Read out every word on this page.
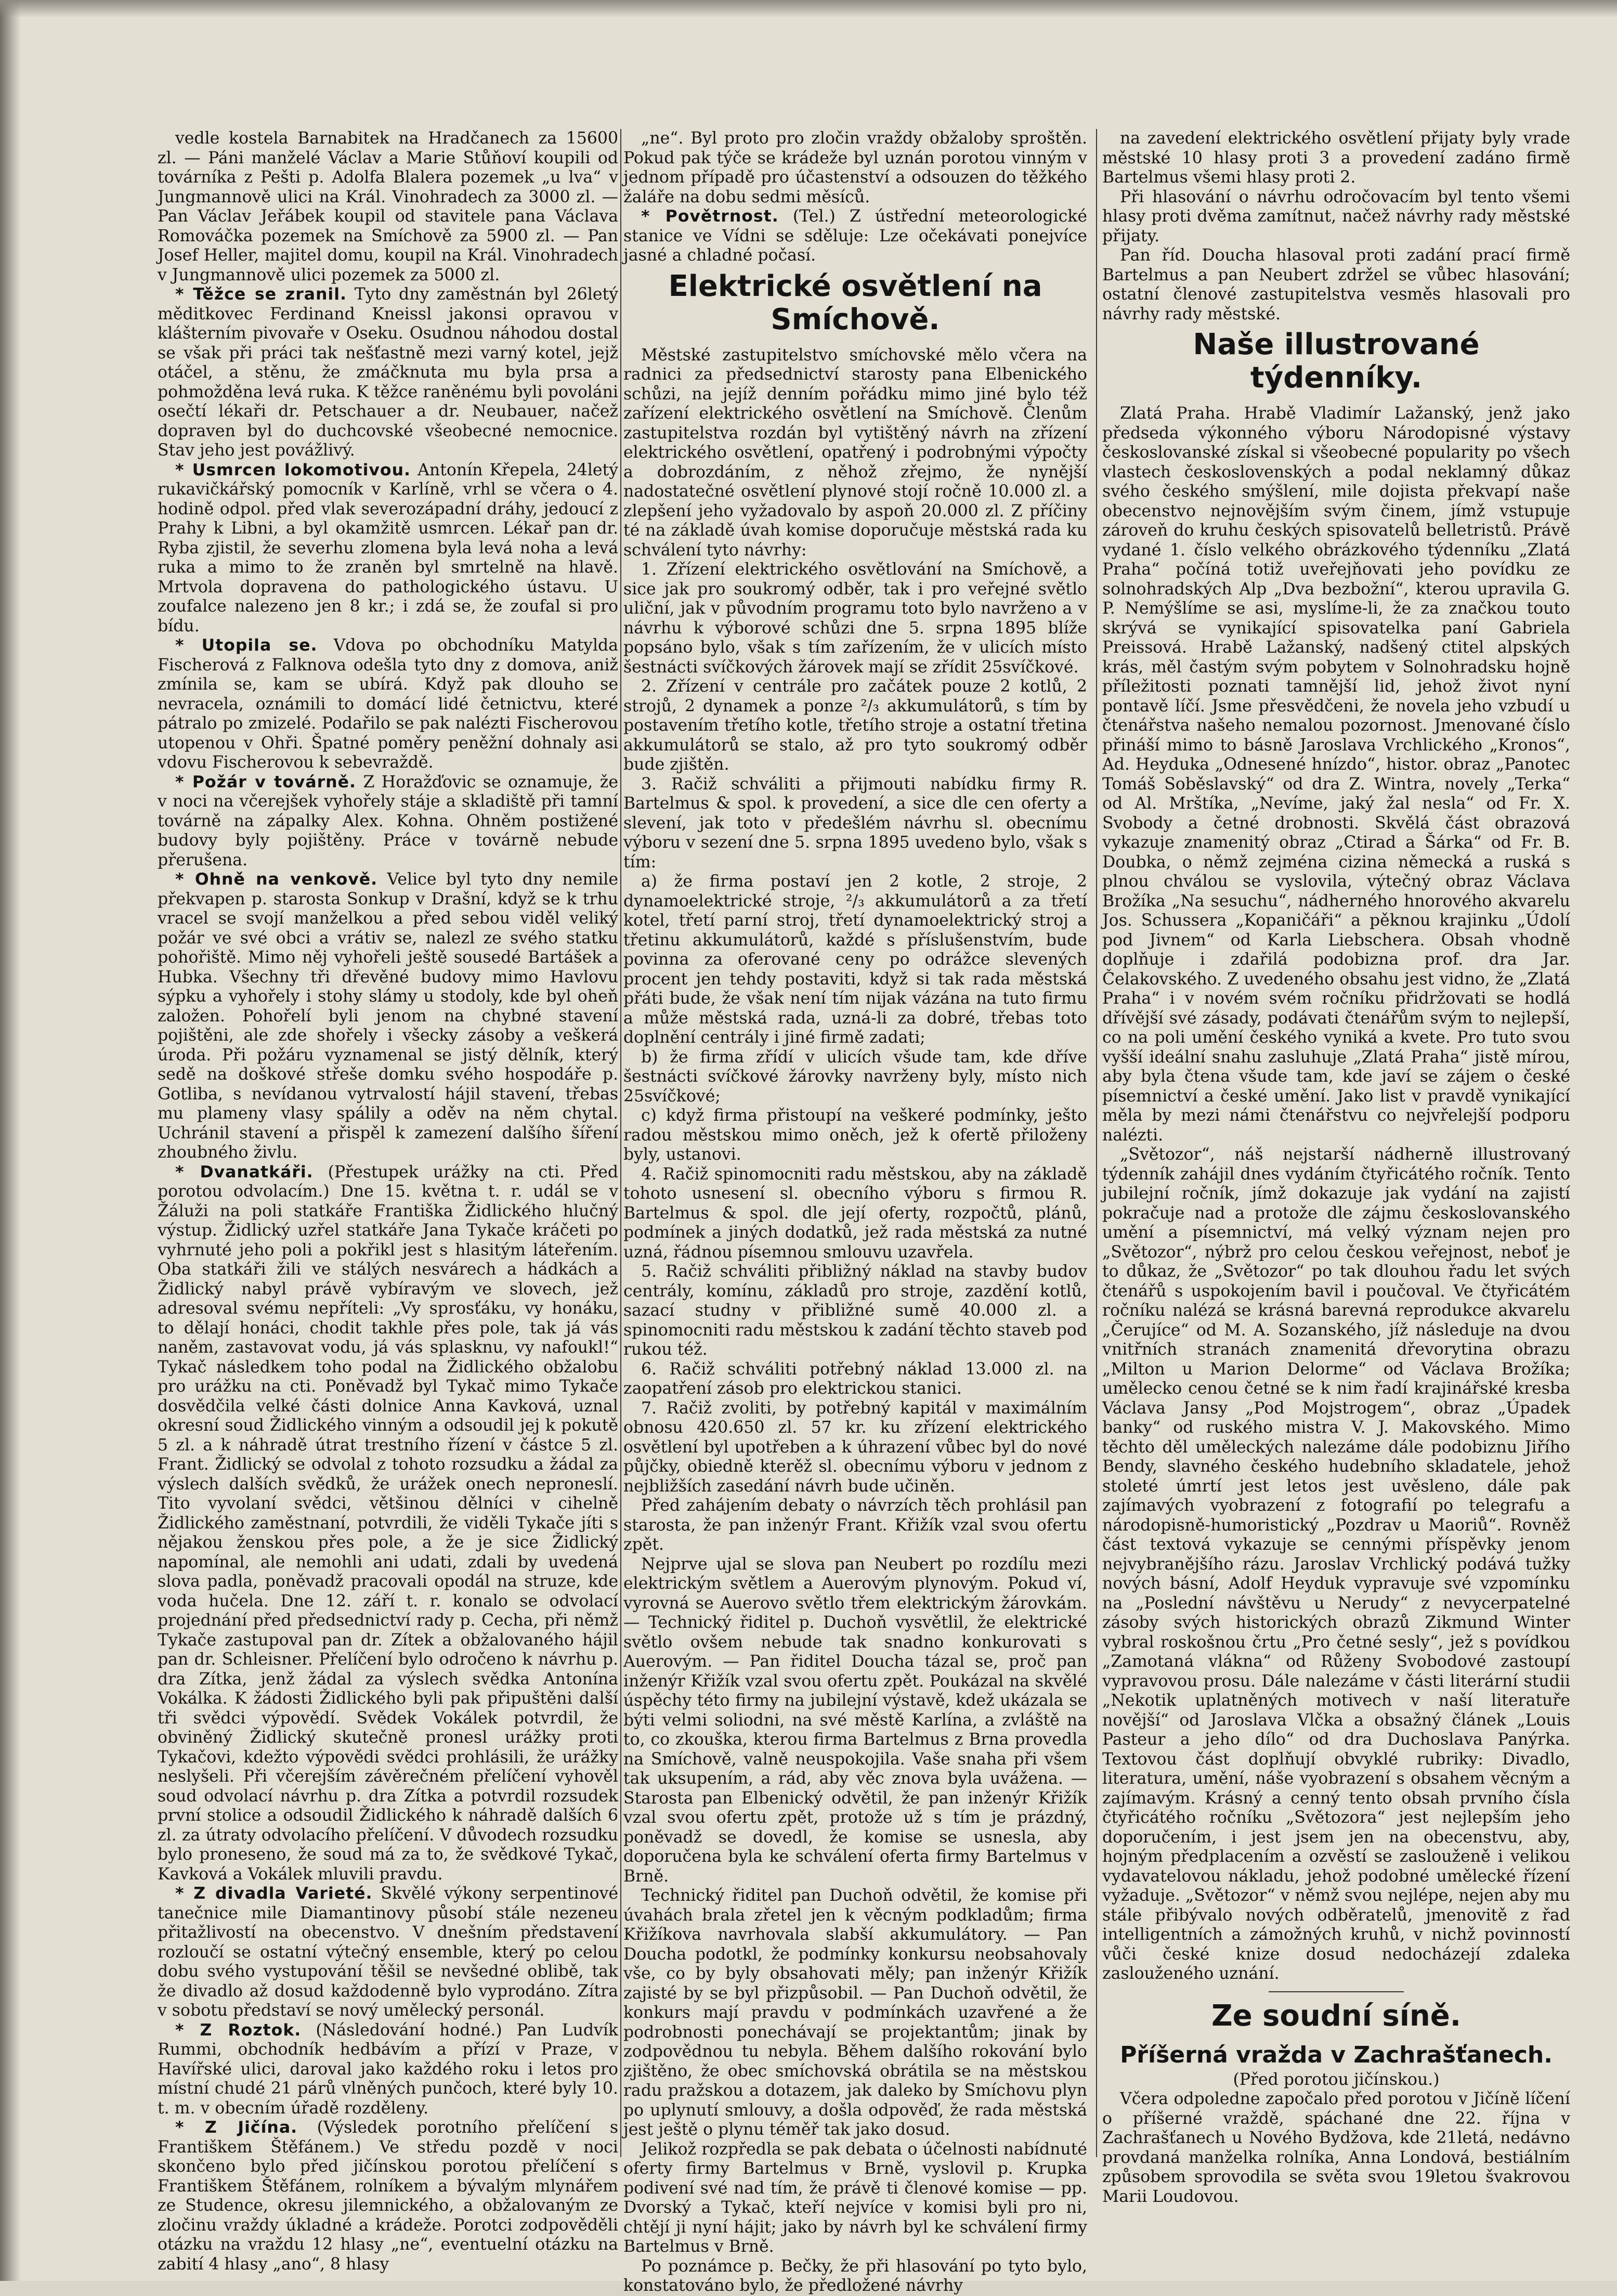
vedle kostela Barnabitek na Hradčanech za 15600 zl. — Páni manželé Václav a Marie Stůňoví koupili od továrníka z Pešti p. Adolfa Blalera pozemek „u lva“ v Jungmannově ulici na Král. Vinohradech za 3000 zl. — Pan Václav Jeřábek koupil od stavitele pana Václava Romováčka pozemek na Smíchově za 5900 zl. — Pan Josef Heller, majitel domu, koupil na Král. Vinohradech v Jungmannově ulici pozemek za 5000 zl.

* Těžce se zranil. Tyto dny zaměstnán byl 26letý měditkovec Ferdinand Kneissl jakonsi opravou v klášterním pivovaře v Oseku. Osudnou náhodou dostal se však při práci tak nešťastně mezi varný kotel, jejž otáčel, a stěnu, že zmáčknuta mu byla prsa a pohmožděna levá ruka. K těžce raněnému byli povoláni osečtí lékaři dr. Petschauer a dr. Neubauer, načež dopraven byl do duchcovské všeobecné nemocnice. Stav jeho jest povážlivý.

* Usmrcen lokomotivou. Antonín Křepela, 24letý rukavičkářský pomocník v Karlíně, vrhl se včera o 4. hodině odpol. před vlak severozápadní dráhy, jedoucí z Prahy k Libni, a byl okamžitě usmrcen. Lékař pan dr. Ryba zjistil, že severhu zlomena byla levá noha a levá ruka a mimo to že zraněn byl smrtelně na hlavě. Mrtvola dopravena do pathologického ústavu. U zoufalce nalezeno jen 8 kr.; i zdá se, že zoufal si pro bídu.

* Utopila se. Vdova po obchodníku Matylda Fischerová z Falknova odešla tyto dny z domova, aniž zmínila se, kam se ubírá. Když pak dlouho se nevracela, oznámili to domácí lidé četnictvu, které pátralo po zmizelé. Podařilo se pak nalézti Fischerovou utopenou v Ohři. Špatné poměry peněžní dohnaly asi vdovu Fischerovou k sebevraždě.

* Požár v továrně. Z Horažďovic se oznamuje, že v noci na včerejšek vyhořely stáje a skladiště při tamní továrně na zápalky Alex. Kohna. Ohněm postižené budovy byly pojištěny. Práce v továrně nebude přerušena.

* Ohně na venkově. Velice byl tyto dny nemile překvapen p. starosta Sonkup v Drašní, když se k trhu vracel se svojí manželkou a před sebou viděl veliký požár ve své obci a vrátiv se, nalezl ze svého statku pohořiště. Mimo něj vyhořeli ještě sousedé Bartášek a Hubka. Všechny tři dřevěné budovy mimo Havlovu sýpku a vyhořely i stohy slámy u stodoly, kde byl oheň založen. Pohořelí byli jenom na chybné stavení pojištěni, ale zde shořely i všecky zásoby a veškerá úroda. Při požáru vyznamenal se jistý dělník, který sedě na doškové střeše domku svého hospodáře p. Gotliba, s nevídanou vytrvalostí hájil stavení, třebas mu plameny vlasy spálily a oděv na něm chytal. Uchránil stavení a přispěl k zamezení dalšího šíření zhoubného živlu.

* Dvanatkáři. (Přestupek urážky na cti. Před porotou odvolacím.) Dne 15. května t. r. udál se v Žáluži na poli statkáře Františka Židlického hlučný výstup. Židlický uzřel statkáře Jana Tykače kráčeti po vyhrnuté jeho poli a pokřikl jest s hlasitým láteřením. Oba statkáři žili ve stálých nesvárech a hádkách a Židlický nabyl právě vybíravým ve slovech, jež adresoval svému nepříteli: „Vy sprosťáku, vy honáku, to dělají honáci, chodit takhle přes pole, tak já vás naněm, zastavovat vodu, já vás splasknu, vy nafoukl!“ Tykač následkem toho podal na Židlického obžalobu pro urážku na cti. Poněvadž byl Tykač mimo Tykače dosvědčila velké části dolnice Anna Kavková, uznal okresní soud Židlického vinným a odsoudil jej k pokutě 5 zl. a k náhradě útrat trestního řízení v částce 5 zl. Frant. Židlický se odvolal z tohoto rozsudku a žádal za výslech dalších svědků, že urážek onech neproneslí. Tito vyvolaní svědci, většinou dělníci v cihelně Židlického zaměstnaní, potvrdili, že viděli Tykače jíti s nějakou ženskou přes pole, a že je sice Židlický napomínal, ale nemohli ani udati, zdali by uvedená slova padla, poněvadž pracovali opodál na struze, kde voda hučela. Dne 12. září t. r. konalo se odvolací projednání před předsednictví rady p. Cecha, při němž Tykače zastupoval pan dr. Zítek a obžalovaného hájil pan dr. Schleisner. Přelíčení bylo odročeno k návrhu p. dra Zítka, jenž žádal za výslech svědka Antonína Vokálka. K žádosti Židlického byli pak připuštěni další tři svědci výpovědí. Svědek Vokálek potvrdil, že obviněný Židlický skutečně pronesl urážky proti Tykačovi, kdežto výpovědi svědci prohlásili, že urážky neslyšeli. Při včerejším závěrečném přelíčení vyhověl soud odvolací návrhu p. dra Zítka a potvrdil rozsudek první stolice a odsoudil Židlického k náhradě dalších 6 zl. za útraty odvolacího přelíčení. V důvodech rozsudku bylo proneseno, že soud má za to, že svědkové Tykač, Kavková a Vokálek mluvili pravdu.

* Z divadla Varieté. Skvělé výkony serpentinové tanečnice mile Diamantinovy působí stále nezeneu přitažlivostí na obecenstvo. V dnešním představení rozloučí se ostatní výtečný ensemble, který po celou dobu svého vystupování těšil se nevšedné oblibě, tak že divadlo až dosud každodenně bylo vyprodáno. Zítra v sobotu představí se nový umělecký personál.

* Z Roztok. (Následování hodné.) Pan Ludvík Rummi, obchodník hedbávím a přízí v Praze, v Havířské ulici, daroval jako každého roku i letos pro místní chudé 21 párů vlněných punčoch, které byly 10. t. m. v obecním úřadě rozděleny.

* Z Jičína. (Výsledek porotního přelíčení s Františkem Štěfánem.) Ve středu pozdě v noci skončeno bylo před jičínskou porotou přelíčení s Františkem Štěfánem, rolníkem a bývalým mlynářem ze Studence, okresu jilemnického, a obžalovaným ze zločinu vraždy úkladné a krádeže. Porotci zodpověděli otázku na vraždu 12 hlasy „ne“, eventuelní otázku na zabití 4 hlasy „ano“, 8 hlasy

„ne“. Byl proto pro zločin vraždy obžaloby sproštěn. Pokud pak týče se krádeže byl uznán porotou vinným v jednom případě pro účastenství a odsouzen do těžkého žaláře na dobu sedmi měsíců.

* Povětrnost. (Tel.) Z ústřední meteorologické stanice ve Vídni se sděluje: Lze očekávati ponejvíce jasné a chladné počasí.

Elektrické osvětlení na Smíchově.

Městské zastupitelstvo smíchovské mělo včera na radnici za předsednictví starosty pana Elbenického schůzi, na jejíž denním pořádku mimo jiné bylo též zařízení elektrického osvětlení na Smíchově. Členům zastupitelstva rozdán byl vytištěný návrh na zřízení elektrického osvětlení, opatřený i podrobnými výpočty a dobrozdáním, z něhož zřejmo, že nynější nadostatečné osvětlení plynové stojí ročně 10.000 zl. a zlepšení jeho vyžadovalo by aspoň 20.000 zl. Z příčiny té na základě úvah komise doporučuje městská rada ku schválení tyto návrhy:

1. Zřízení elektrického osvětlování na Smíchově, a sice jak pro soukromý odběr, tak i pro veřejné světlo uliční, jak v původním programu toto bylo navrženo a v návrhu k výborové schůzi dne 5. srpna 1895 blíže popsáno bylo, však s tím zařízením, že v ulicích místo šestnácti svíčkových žárovek mají se zřídit 25svíčkové.

2. Zřízení v centrále pro začátek pouze 2 kotlů, 2 strojů, 2 dynamek a ponze ²/₃ akkumulátorů, s tím by postavením třetího kotle, třetího stroje a ostatní třetina akkumulátorů se stalo, až pro tyto soukromý odběr bude zjištěn.

3. Račiž schváliti a přijmouti nabídku firmy R. Bartelmus & spol. k provedení, a sice dle cen oferty a slevení, jak toto v předešlém návrhu sl. obecnímu výboru v sezení dne 5. srpna 1895 uvedeno bylo, však s tím:

a) že firma postaví jen 2 kotle, 2 stroje, 2 dynamoelektrické stroje, ²/₃ akkumulátorů a za třetí kotel, třetí parní stroj, třetí dynamoelektrický stroj a třetinu akkumulátorů, každé s příslušenstvím, bude povinna za oferované ceny po odrážce slevených procent jen tehdy postaviti, když si tak rada městská přáti bude, že však není tím nijak vázána na tuto firmu a může městská rada, uzná-li za dobré, třebas toto doplnění centrály i jiné firmě zadati;

b) že firma zřídí v ulicích všude tam, kde dříve šestnácti svíčkové žárovky navrženy byly, místo nich 25svíčkové;

c) když firma přistoupí na veškeré podmínky, ješto radou městskou mimo oněch, jež k ofertě přiloženy byly, ustanovi.

4. Račiž spinomocniti radu městskou, aby na základě tohoto usnesení sl. obecního výboru s firmou R. Bartelmus & spol. dle její oferty, rozpočtů, plánů, podmínek a jiných dodatků, jež rada městská za nutné uzná, řádnou písemnou smlouvu uzavřela.

5. Račiž schváliti přibližný náklad na stavby budov centrály, komínu, základů pro stroje, zazdění kotlů, sazací studny v přibližné sumě 40.000 zl. a spinomocniti radu městskou k zadání těchto staveb pod rukou též.

6. Račiž schváliti potřebný náklad 13.000 zl. na zaopatření zásob pro elektrickou stanici.

7. Račiž zvoliti, by potřebný kapitál v maximálním obnosu 420.650 zl. 57 kr. ku zřízení elektrického osvětlení byl upotřeben a k úhrazení vůbec byl do nové půjčky, obiedně kterěž sl. obecnímu výboru v jednom z nejbližších zasedání návrh bude učiněn.

Před zahájením debaty o návrzích těch prohlásil pan starosta, že pan inženýr Frant. Křižík vzal svou ofertu zpět.

Nejprve ujal se slova pan Neubert po rozdílu mezi elektrickým světlem a Auerovým plynovým. Pokud ví, vyrovná se Auerovo světlo třem elektrickým žárovkám. — Technický řiditel p. Duchoň vysvětlil, že elektrické světlo ovšem nebude tak snadno konkurovati s Auerovým. — Pan řiditel Doucha tázal se, proč pan inženýr Křižík vzal svou ofertu zpět. Poukázal na skvělé úspěchy této firmy na jubilejní výstavě, kdež ukázala se býti velmi soliodni, na své městě Karlína, a zvláště na to, co zkouška, kterou firma Bartelmus z Brna provedla na Smíchově, valně neuspokojila. Vaše snaha při všem tak uksupením, a rád, aby věc znova byla uvážena. — Starosta pan Elbenický odvětil, že pan inženýr Křižík vzal svou ofertu zpět, protože už s tím je prázdný, poněvadž se dovedl, že komise se usnesla, aby doporučena byla ke schválení oferta firmy Bartelmus v Brně.

Technický řiditel pan Duchoň odvětil, že komise při úvahách brala zřetel jen k věcným podkladům; firma Křižíkova navrhovala slabší akkumulátory. — Pan Doucha podotkl, že podmínky konkursu neobsahovaly vše, co by byly obsahovati měly; pan inženýr Křižík zajisté by se byl přizpůsobil. — Pan Duchoň odvětil, že konkurs mají pravdu v podmínkách uzavřené a že podrobnosti ponechávají se projektantům; jinak by zodpovědnou tu nebyla. Během dalšího rokování bylo zjištěno, že obec smíchovská obrátila se na městskou radu pražskou a dotazem, jak daleko by Smíchovu plyn po uplynutí smlouvy, a došla odpověď, že rada městská jest ještě o plynu téměř tak jako dosud.

Jelikož rozpředla se pak debata o účelnosti nabídnuté oferty firmy Bartelmus v Brně, vyslovil p. Krupka podivení své nad tím, že právě ti členové komise — pp. Dvorský a Tykač, kteří nejvíce v komisi byli pro ni, chtějí ji nyní hájit; jako by návrh byl ke schválení firmy Bartelmus v Brně.

Po poznámce p. Bečky, že při hlasování po tyto bylo, konstatováno bylo, že předložené návrhy

na zavedení elektrického osvětlení přijaty byly vrade městské 10 hlasy proti 3 a provedení zadáno firmě Bartelmus všemi hlasy proti 2.

Při hlasování o návrhu odročovacím byl tento všemi hlasy proti dvěma zamítnut, načež návrhy rady městské přijaty.

Pan říd. Doucha hlasoval proti zadání prací firmě Bartelmus a pan Neubert zdržel se vůbec hlasování; ostatní členové zastupitelstva vesměs hlasovali pro návrhy rady městské.

Naše illustrované týdenníky.

Zlatá Praha. Hrabě Vladimír Lažanský, jenž jako předseda výkonného výboru Národopisné výstavy českoslovanské získal si všeobecné popularity po všech vlastech československých a podal neklamný důkaz svého českého smýšlení, mile dojista překvapí naše obecenstvo nejnovějším svým činem, jímž vstupuje zároveň do kruhu českých spisovatelů belletristů. Právě vydané 1. číslo velkého obrázkového týdenníku „Zlatá Praha“ počíná totiž uveřejňovati jeho povídku ze solnohradských Alp „Dva bezbožní“, kterou upravila G. P. Nemýšlíme se asi, myslíme-li, že za značkou touto skrývá se vynikající spisovatelka paní Gabriela Preissová. Hrabě Lažanský, nadšený ctitel alpských krás, měl častým svým pobytem v Solnohradsku hojně příležitosti poznati tamnější lid, jehož život nyní pontavě líčí. Jsme přesvědčeni, že novela jeho vzbudí u čtenářstva našeho nemalou pozornost. Jmenované číslo přináší mimo to básně Jaroslava Vrchlického „Kronos“, Ad. Heyduka „Odnesené hnízdo“, histor. obraz „Panotec Tomáš Soběslavský“ od dra Z. Wintra, novely „Terka“ od Al. Mrštíka, „Nevíme, jaký žal nesla“ od Fr. X. Svobody a četné drobnosti. Skvělá část obrazová vykazuje znamenitý obraz „Ctirad a Šárka“ od Fr. B. Doubka, o němž zejména cizina německá a ruská s plnou chválou se vyslovila, výtečný obraz Václava Brožíka „Na sesuchu“, nádherného hnorového akvarelu Jos. Schussera „Kopaničáři“ a pěknou krajinku „Údolí pod Jivnem“ od Karla Liebschera. Obsah vhodně doplňuje i zdařilá podobizna prof. dra Jar. Čelakovského. Z uvedeného obsahu jest vidno, že „Zlatá Praha“ i v novém svém ročníku přidržovati se hodlá dřívější své zásady, podávati čtenářům svým to nejlepší, co na poli umění českého vyniká a kvete. Pro tuto svou vyšší ideální snahu zasluhuje „Zlatá Praha“ jistě mírou, aby byla čtena všude tam, kde javí se zájem o české písemnictví a české umění. Jako list v pravdě vynikající měla by mezi námi čtenářstvu co nejvřelejší podporu nalézti.

„Světozor“, náš nejstarší nádherně illustrovaný týdenník zahájil dnes vydáním čtyřicátého ročník. Tento jubilejní ročník, jímž dokazuje jak vydání na zajistí pokračuje nad a protože dle zájmu českoslovanského umění a písemnictví, má velký význam nejen pro „Světozor“, nýbrž pro celou českou veřejnost, neboť je to důkaz, že „Světozor“ po tak dlouhou řadu let svých čtenářů s uspokojením bavil i poučoval. Ve čtyřicátém ročníku nalézá se krásná barevná reprodukce akvarelu „Čerujíce“ od M. A. Sozanského, jíž následuje na dvou vnitřních stranách znamenitá dřevorytina obrazu „Milton u Marion Delorme“ od Václava Brožíka; umělecko cenou četné se k nim řadí krajinářské kresba Václava Jansy „Pod Mojstrogem“, obraz „Úpadek banky“ od ruského mistra V. J. Makovského. Mimo těchto děl uměleckých nalezáme dále podobiznu Jiřího Bendy, slavného českého hudebního skladatele, jehož stoleté úmrtí jest letos jest uvěsleno, dále pak zajímavých vyobrazení z fotografií po telegrafu a národopisně-humoristický „Pozdrav u Maoriů“. Rovněž část textová vykazuje se cennými příspěvky jenom nejvybranějšího rázu. Jaroslav Vrchlický podává tužky nových básní, Adolf Heyduk vypravuje své vzpomínku na „Poslední návštěvu u Nerudy“ z nevycerpatelné zásoby svých historických obrazů Zikmund Winter vybral roskošnou črtu „Pro četné sesly“, jež s povídkou „Zamotaná vlákna“ od Růženy Svobodové zastoupí vypravovou prosu. Dále nalezáme v části literární studii „Nekotik uplatněných motivech v naší literatuře novější“ od Jaroslava Vlčka a obsažný článek „Louis Pasteur a jeho dílo“ od dra Duchoslava Panýrka. Textovou část doplňují obvyklé rubriky: Divadlo, literatura, umění, náše vyobrazení s obsahem věcným a zajímavým. Krásný a cenný tento obsah prvního čísla čtyřicátého ročníku „Světozora“ jest nejlepším jeho doporučením, i jest jsem jen na obecenstvu, aby, hojným předplacením a ozvěstí se zaslouženě i velikou vydavatelovou nákladu, jehož podobné umělecké řízení vyžaduje. „Světozor“ v němž svou nejlépe, nejen aby mu stále přibývalo nových odběratelů, jmenovitě z řad intelligentních a zámožných kruhů, v nichž povinností vůči české knize dosud nedocházejí zdaleka zaslouženého uznání.

Ze soudní síně.
Příšerná vražda v Zachrašťanech.

(Před porotou jičínskou.)

Včera odpoledne započalo před porotou v Jičíně líčení o příšerné vraždě, spáchané dne 22. října v Zachrašťanech u Nového Bydžova, kde 21letá, nedávno provdaná manželka rolníka, Anna Londová, bestiálním způsobem sprovodila se světa svou 19letou švakrovou Marii Loudovou.
